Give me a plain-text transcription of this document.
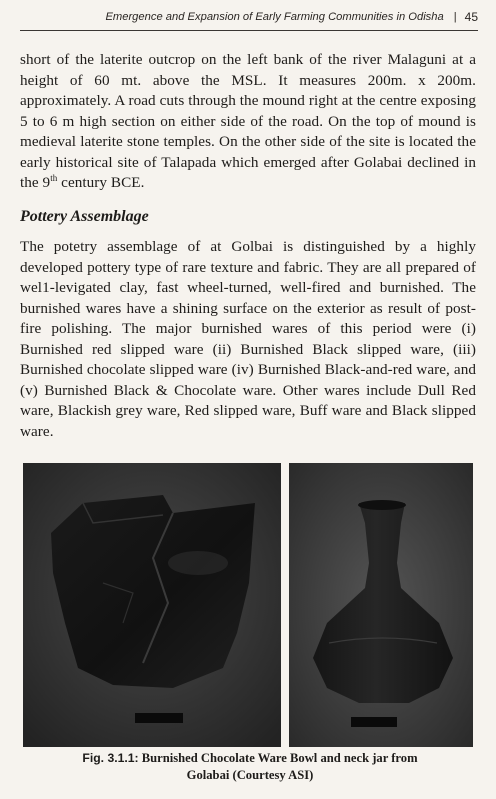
Emergence and Expansion of Early Farming Communities in Odisha | 45

short of the laterite outcrop on the left bank of the river Malaguni at a height of 60 mt. above the MSL. It measures 200m. x 200m. approximately. A road cuts through the mound right at the centre exposing 5 to 6 m high section on either side of the road. On the top of mound is medieval laterite stone temples. On the other side of the site is located the early historical site of Talapada which emerged after Golabai declined in the 9th century BCE.

Pottery Assemblage

The potetry assemblage of at Golbai is distinguished by a highly developed pottery type of rare texture and fabric. They are all prepared of wel1-levigated clay, fast wheel-turned, well-fired and burnished. The burnished wares have a shining surface on the exterior as result of post-fire polishing. The major burnished wares of this period were (i) Burnished red slipped ware (ii) Burnished Black slipped ware, (iii) Burnished chocolate slipped ware (iv) Burnished Black-and-red ware, and (v) Burnished Black & Chocolate ware. Other wares include Dull Red ware, Blackish grey ware, Red slipped ware, Buff ware and Black slipped ware.

Fig. 3.1.1: Burnished Chocolate Ware Bowl and neck jar from
Golabai (Courtesy ASI)
